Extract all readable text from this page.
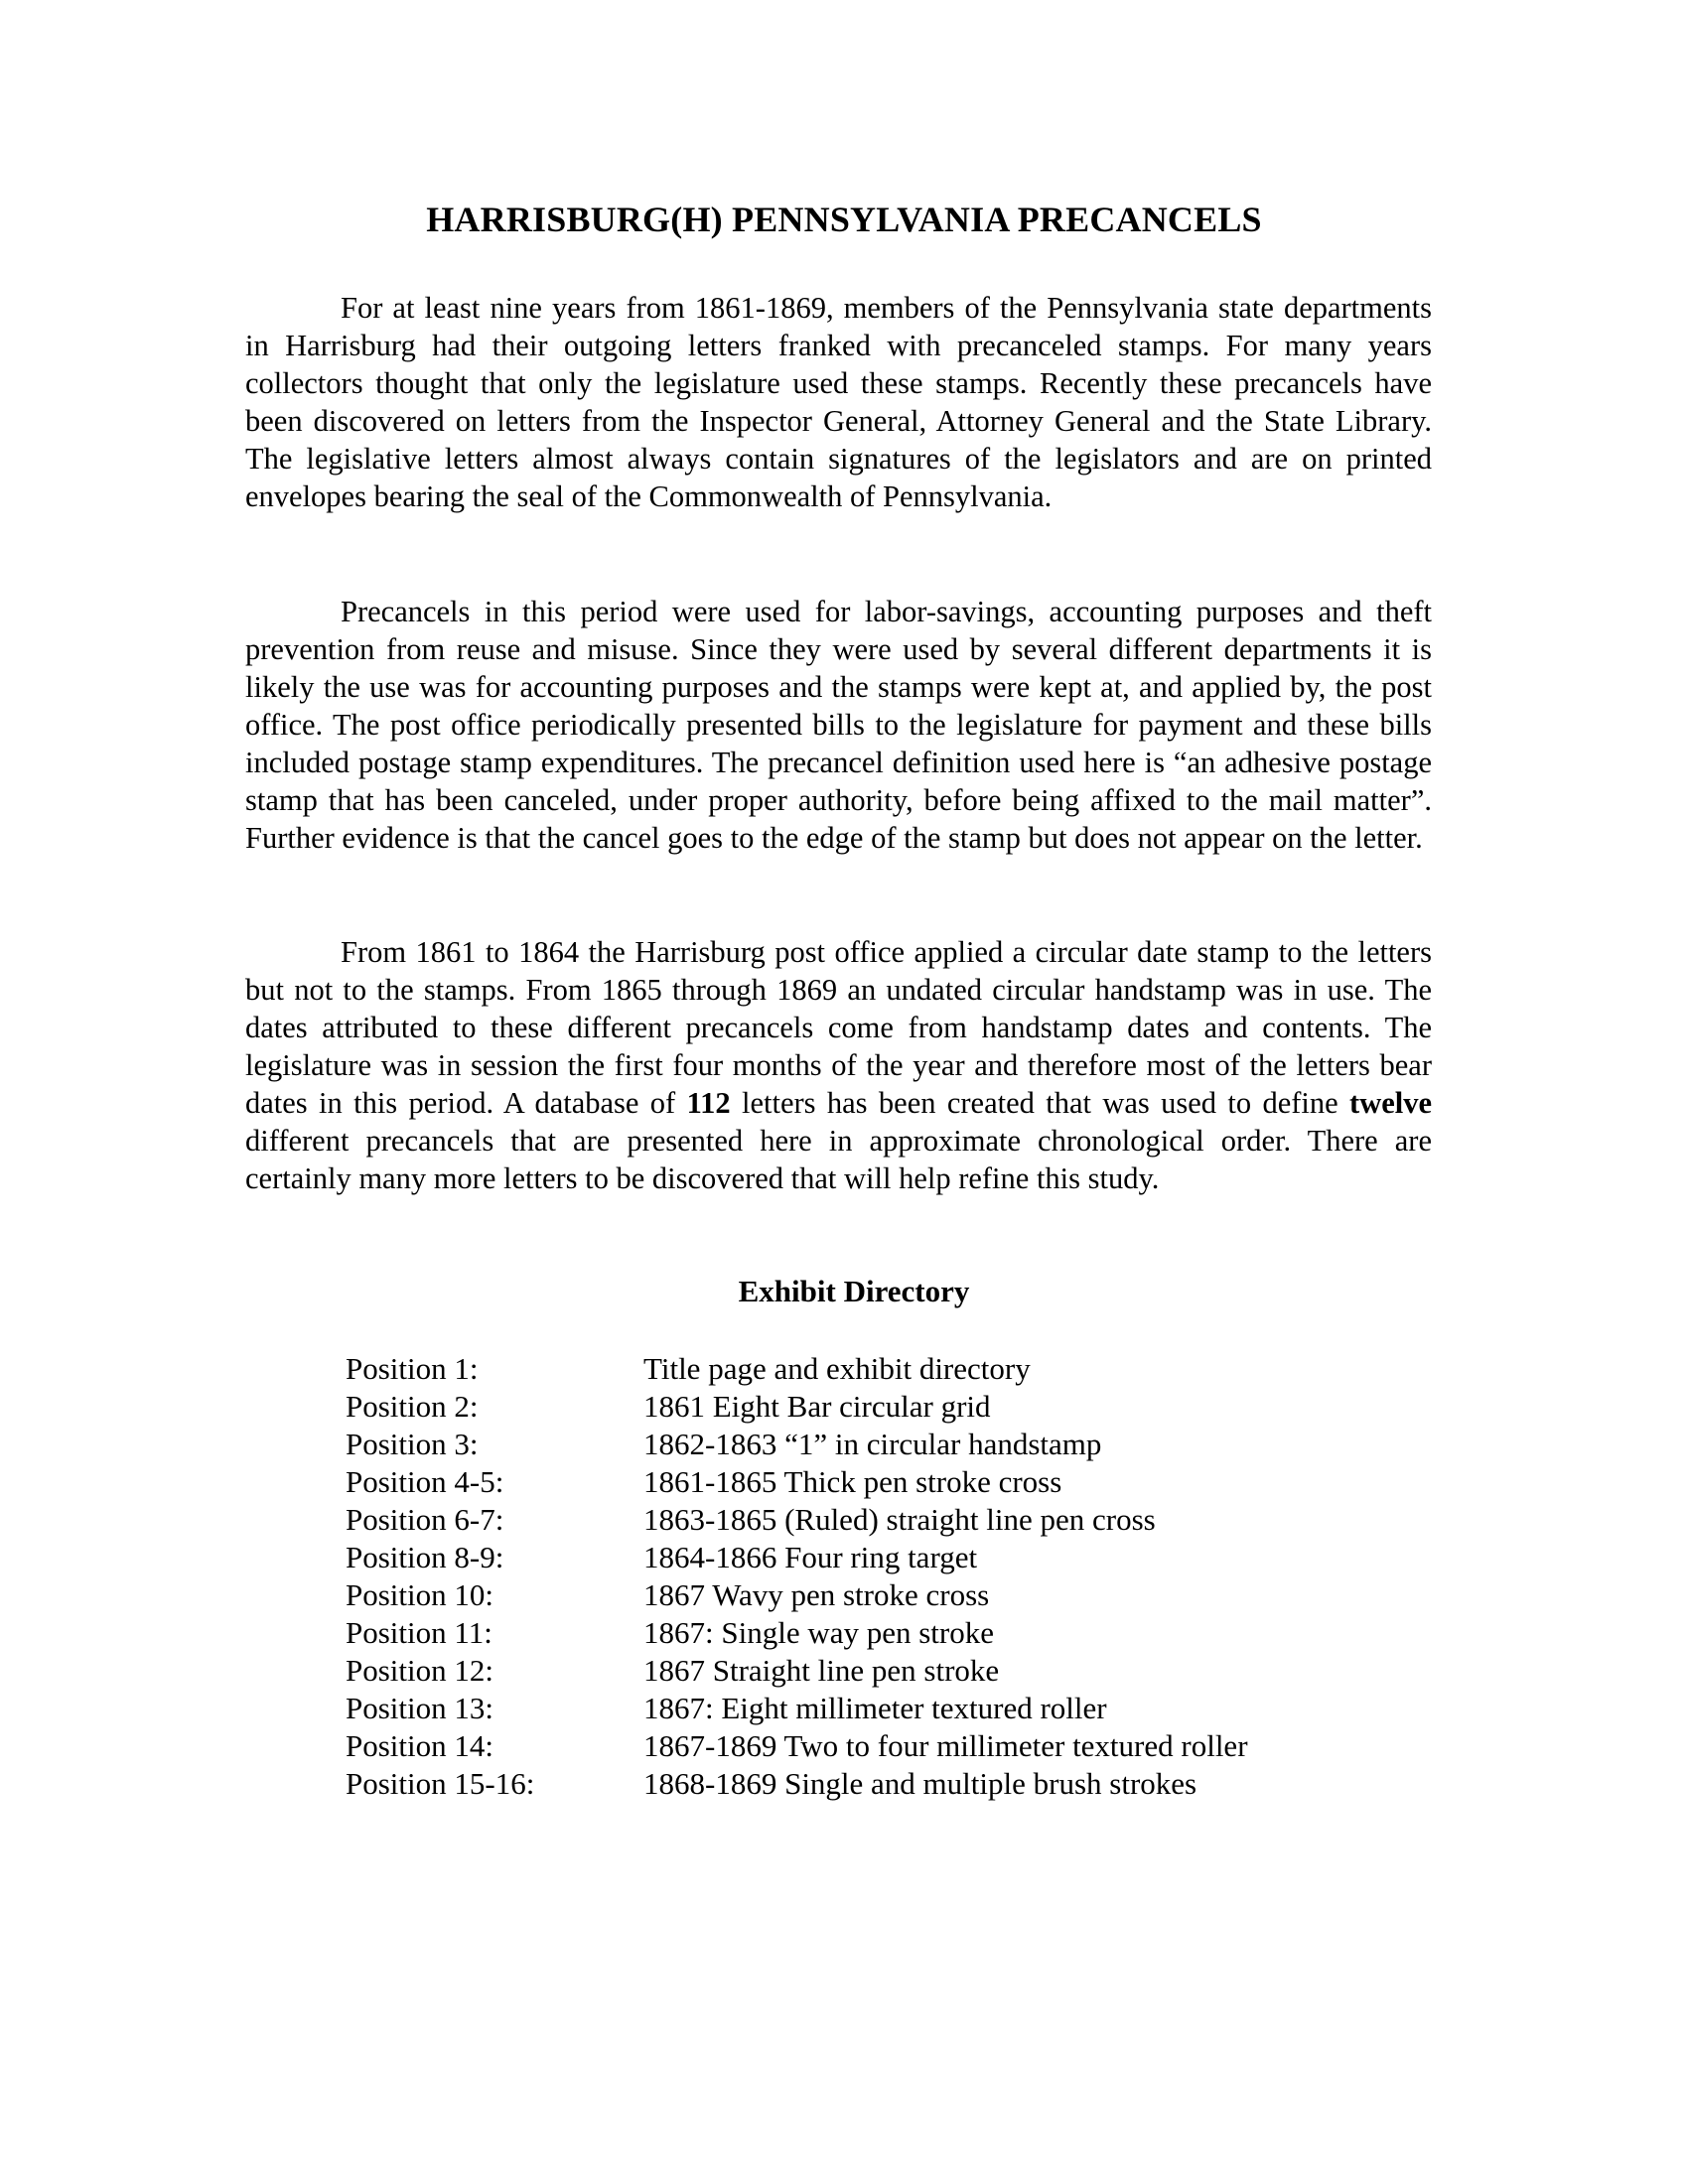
HARRISBURG(H) PENNSYLVANIA PRECANCELS

For at least nine years from 1861-1869, members of the Pennsylvania state departments in Harrisburg had their outgoing letters franked with precanceled stamps. For many years collectors thought that only the legislature used these stamps. Recently these precancels have been discovered on letters from the Inspector General, Attorney General and the State Library. The legislative letters almost always contain signatures of the legislators and are on printed envelopes bearing the seal of the Commonwealth of Pennsylvania.

Precancels in this period were used for labor-savings, accounting purposes and theft prevention from reuse and misuse. Since they were used by several different departments it is likely the use was for accounting purposes and the stamps were kept at, and applied by, the post office. The post office periodically presented bills to the legislature for payment and these bills included postage stamp expenditures. The precancel definition used here is “an adhesive postage stamp that has been canceled, under proper authority, before being affixed to the mail matter”. Further evidence is that the cancel goes to the edge of the stamp but does not appear on the letter.

From 1861 to 1864 the Harrisburg post office applied a circular date stamp to the letters but not to the stamps. From 1865 through 1869 an undated circular handstamp was in use. The dates attributed to these different precancels come from handstamp dates and contents. The legislature was in session the first four months of the year and therefore most of the letters bear dates in this period. A database of 112 letters has been created that was used to define twelve different precancels that are presented here in approximate chronological order. There are certainly many more letters to be discovered that will help refine this study.

Exhibit Directory
Position 1:	Title page and exhibit directory
Position 2:	1861 Eight Bar circular grid
Position 3:	1862-1863 “1” in circular handstamp
Position 4-5:	1861-1865 Thick pen stroke cross
Position 6-7:	1863-1865 (Ruled) straight line pen cross
Position 8-9:	1864-1866 Four ring target
Position 10:	1867 Wavy pen stroke cross
Position 11:	1867: Single way pen stroke
Position 12:	1867 Straight line pen stroke
Position 13:	1867: Eight millimeter textured roller
Position 14:	1867-1869 Two to four millimeter textured roller
Position 15-16:	1868-1869 Single and multiple brush strokes
